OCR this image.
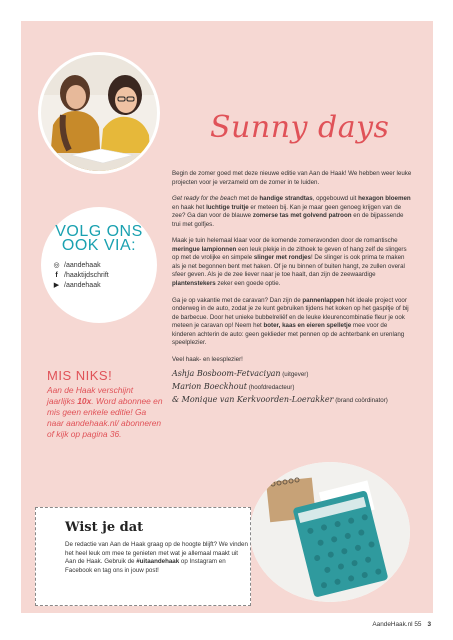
VOLG ONS
OOK VIA:
◎ /aandehaak
f /haaktijdschrift
▶ /aandehaak
MIS NIKS!
Aan de Haak verschijnt jaarlijks 10x. Word abonnee en mis geen enkele editie! Ga naar aandehaak.nl/ abonneren of kijk op pagina 36.
Sunny days

Begin de zomer goed met deze nieuwe editie van Aan de Haak! We hebben weer leuke projecten voor je verzameld om de zomer in te luiden.

Get ready for the beach met de handige strandtas, opgebouwd uit hexagon bloemen en haak het luchtige truitje er meteen bij. Kan je maar geen genoeg krijgen van de zee? Ga dan voor de blauwe zomerse tas met golvend patroon en de bijpassende trui met golfjes.

Maak je tuin helemaal klaar voor de komende zomeravonden door de romantische meringue lampionnen een leuk plekje in de zithoek te geven of hang zelf de slingers op met de vrolijke en simpele slinger met rondjes! De slinger is ook prima te maken als je net begonnen bent met haken. Of je nu binnen of buiten hangt, ze zullen overal sfeer geven. Als je de zee liever naar je toe haalt, dan zijn de zeewaardige plantenstekers zeker een goede optie.

Ga je op vakantie met de caravan? Dan zijn de pannenlappen hét ideale project voor onderweg in de auto, zodat je ze kunt gebruiken tijdens het koken op het gaspitje of bij de barbecue. Door het unieke bubbelreliëf en de leuke kleurencombinatie fleur je ook meteen je caravan op! Neem het boter, kaas en eieren spelletje mee voor de kinderen achterin de auto: geen geklieder met pennen op de achterbank en urenlang speelplezier.

Veel haak- en leesplezier!

Ashja Bosboom-Fetvaciyan (uitgever)
Marion Boeckhout (hoofdredacteur)
& Monique van Kerkvoorden-Loerakker (brand coördinator)
Wist je dat
De redactie van Aan de Haak graag op de hoogte blijft? We vinden het heel leuk om mee te genieten met wat je allemaal maakt uit Aan de Haak. Gebruik de #uitaandehaak op Instagram en Facebook en tag ons in jouw post!
AandeHaak.nl 55 3
